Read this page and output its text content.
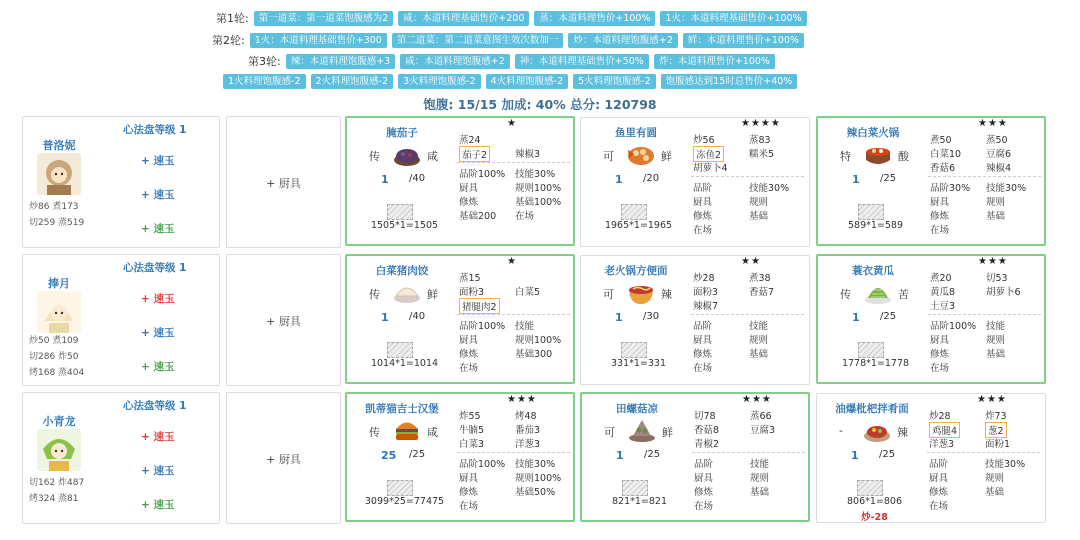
第1轮:	第一道菜：第一道菜饱腹感为2	咸：本道料理基础售价+200	蒸：本道料理售价+100%	1火：本道料理基础售价+100%
第2轮:	1火：本道料理基础售价+300	第二道菜：第二道菜意图生效次数加一	炒：本道料理饱腹感+2	鲜：本道料理售价+100%
第3轮:	辣：本道料理饱腹感+3	咸：本道料理饱腹感+2	神：本道料理基础售价+50%	炸：本道料理售价+100%
1火料理饱腹感-2	2火料理饱腹感-2	3火料理饱腹感-2	4火料理饱腹感-2	5火料理饱腹感-2	饱腹感达到15时总售价+40%
饱腹: 15/15 加成: 40% 总分: 120798
普洛妮
炒86 煮173
切259 蒸519
心法盘等级 1
+ 速玉
+ 速玉
+ 速玉
+ 厨具
腌茄子
★
传	咸
1 /40
1505*1=1505
蒸24
茄子2	辣椒3
品阶100% 技能30%
厨具	规则100%
修炼	基础100%
基础200 在场
鱼里有圆
★★★★
可	鲜
1 /20
1965*1=1965
炒56	蒸83
冻鱼2	糯米5
胡萝卜4
品阶	技能30%
厨具	规则
修炼	基础
在场
辣白菜火锅
★★★
特	酸
1 /25
589*1=589
煮50	蒸50
白菜10	豆腐6
香菇6	辣椒4
品阶30% 技能30%
厨具	规则
修炼	基础
在场
捧月
炒50 煮109
切286 炸50
烤168 蒸404
心法盘等级 1
+ 速玉
+ 速玉
+ 速玉
+ 厨具
白菜猪肉饺
★
传	鲜
1 /40
1014*1=1014
蒸15
面粉3	白菜5
猪腿肉2
品阶100% 技能
厨具	规则100%
修炼	基础300
在场
老火锅方便面
★★
可	辣
1 /30
331*1=331
炒28	煮38
面粉3	香菇7
辣椒7
品阶	技能
厨具	规则
修炼	基础
在场
蓑衣黄瓜
★★★
传	苦
1 /25
1778*1=1778
煮20	切53
黄瓜8	胡萝卜6
土豆3
品阶100% 技能
厨具	规则
修炼	基础
在场
小青龙
切162 炸487
烤324 蒸81
心法盘等级 1
+ 速玉
+ 速玉
+ 速玉
+ 厨具
凯蒂猫吉士汉堡
★★★
传	咸
25 /25
3099*25=77475
炸55	烤48
牛腩5	番茄3
白菜3	洋葱3
品阶100% 技能30%
厨具	规则100%
修炼	基础50%
在场
田螺菇凉
★★★
可	鲜
1 /25
821*1=821
切78	蒸66
香菇8	豆腐3
青椒2
品阶	技能
厨具	规则
修炼	基础
在场
油爆枇杷拌肴面
★★★
-	辣
1 /25
806*1=806
炒-28
炒28	炸73
鸡腿4	葱2
洋葱3	面粉1
品阶	技能30%
厨具	规则
修炼	基础
在场
